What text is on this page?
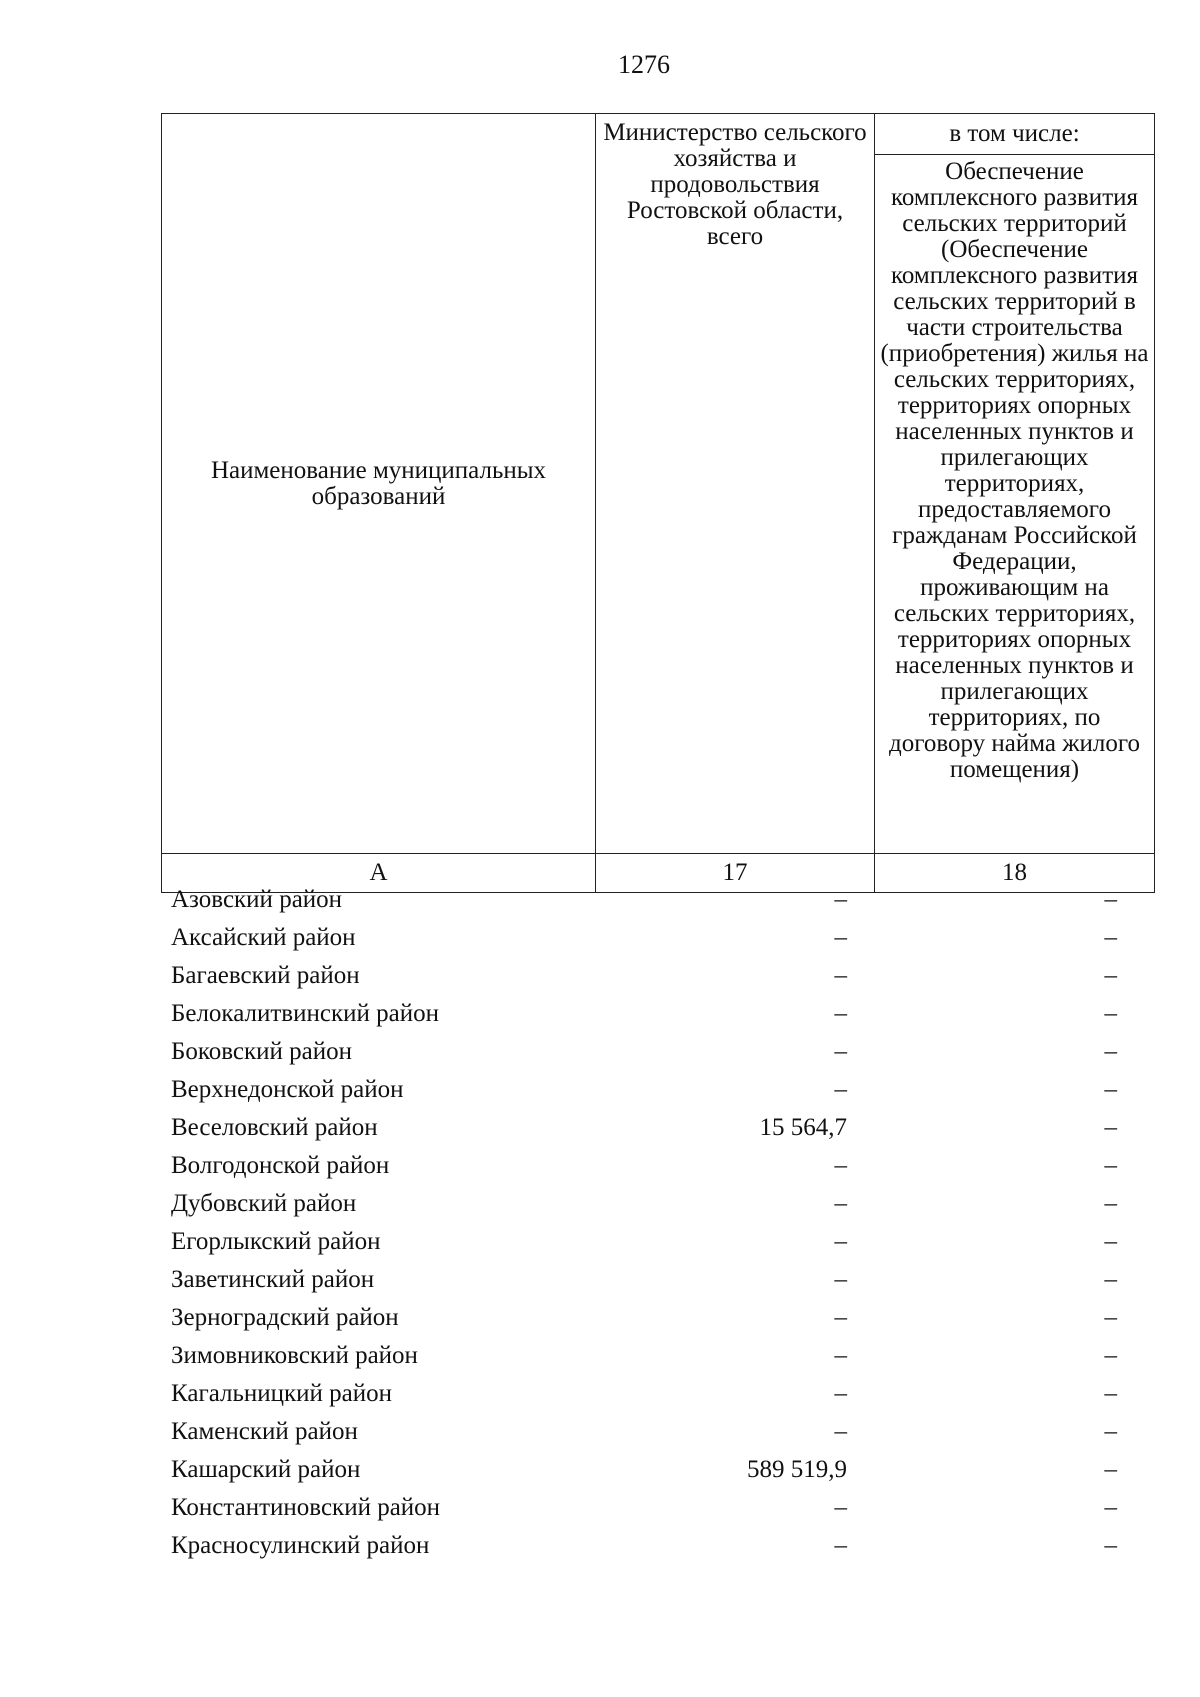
1276
Наименование муниципальных образований	Министерство сельского хозяйства и продовольствия Ростовской области, всего	в том числе:
		Обеспечение комплексного развития сельских территорий (Обеспечение комплексного развития сельских территорий в части строительства (приобретения) жилья на сельских территориях, территориях опорных населенных пунктов и прилегающих территориях, предоставляемого гражданам Российской Федерации, проживающим на сельских территориях, территориях опорных населенных пунктов и прилегающих территориях, по договору найма жилого помещения)
А	17	18
Азовский район	–	–
Аксайский район	–	–
Багаевский район	–	–
Белокалитвинский район	–	–
Боковский район	–	–
Верхнедонской район	–	–
Веселовский район	15 564,7	–
Волгодонской район	–	–
Дубовский район	–	–
Егорлыкский район	–	–
Заветинский район	–	–
Зерноградский район	–	–
Зимовниковский район	–	–
Кагальницкий район	–	–
Каменский район	–	–
Кашарский район	589 519,9	–
Константиновский район	–	–
Красносулинский район	–	–
